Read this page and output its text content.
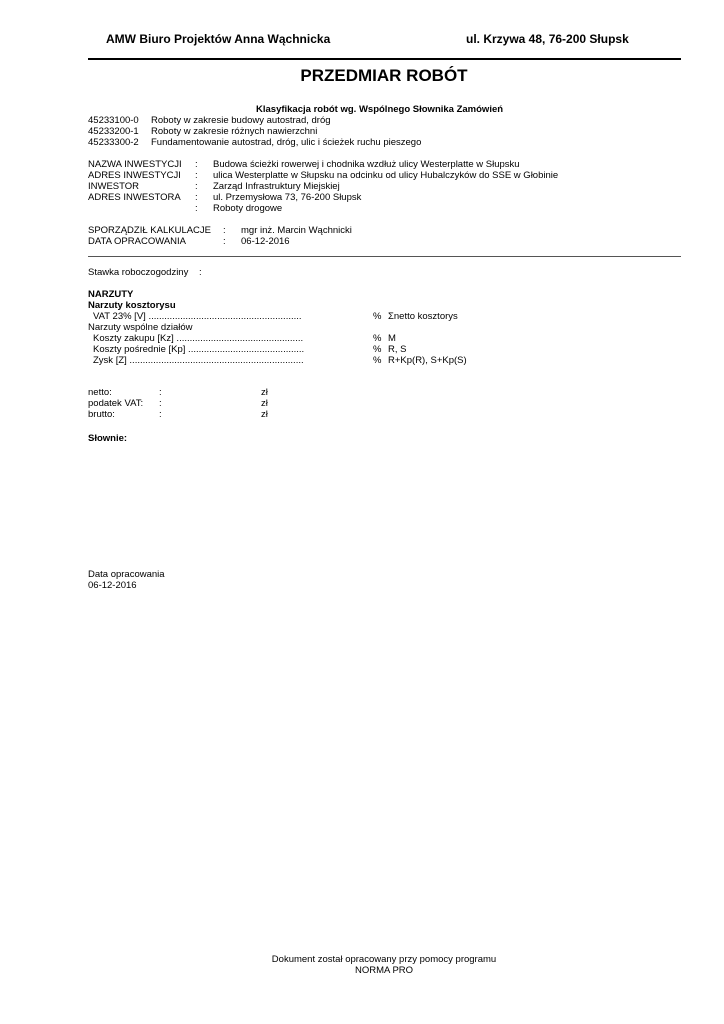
AMW Biuro Projektów Anna Wąchnicka	ul. Krzywa 48, 76-200 Słupsk
PRZEDMIAR ROBÓT
Klasyfikacja robót wg. Wspólnego Słownika Zamówień
45233100-0 Roboty w zakresie budowy autostrad, dróg
45233200-1 Roboty w zakresie różnych nawierzchni
45233300-2 Fundamentowanie autostrad, dróg, ulic i ścieżek ruchu pieszego
NAZWA INWESTYCJI : Budowa ścieżki rowerwej i chodnika wzdłuż ulicy Westerplatte w Słupsku
ADRES INWESTYCJI : ulica Westerplatte w Słupsku na odcinku od ulicy Hubalczyków do SSE w Głobinie
INWESTOR	: Zarząd Infrastruktury Miejskiej
ADRES INWESTORA : ul. Przemysłowa 73, 76-200 Słupsk
: Roboty drogowe
SPORZĄDZIŁ KALKULACJE : mgr inż. Marcin Wąchnicki
DATA OPRACOWANIA	: 06-12-2016
Stawka roboczogodziny :
NARZUTY
Narzuty kosztorysu
VAT 23% [V] ..........................................................	% Σnetto kosztorys
Narzuty wspólne działów
Koszty zakupu [Kz] ................................................	% M
Koszty pośrednie [Kp] ............................................	% R, S
Zysk [Z] ..................................................................	% R+Kp(R), S+Kp(S)
netto:	:	zł
podatek VAT: :	zł
brutto:	:	zł
Słownie:
Data opracowania
06-12-2016
Dokument został opracowany przy pomocy programu
NORMA PRO
